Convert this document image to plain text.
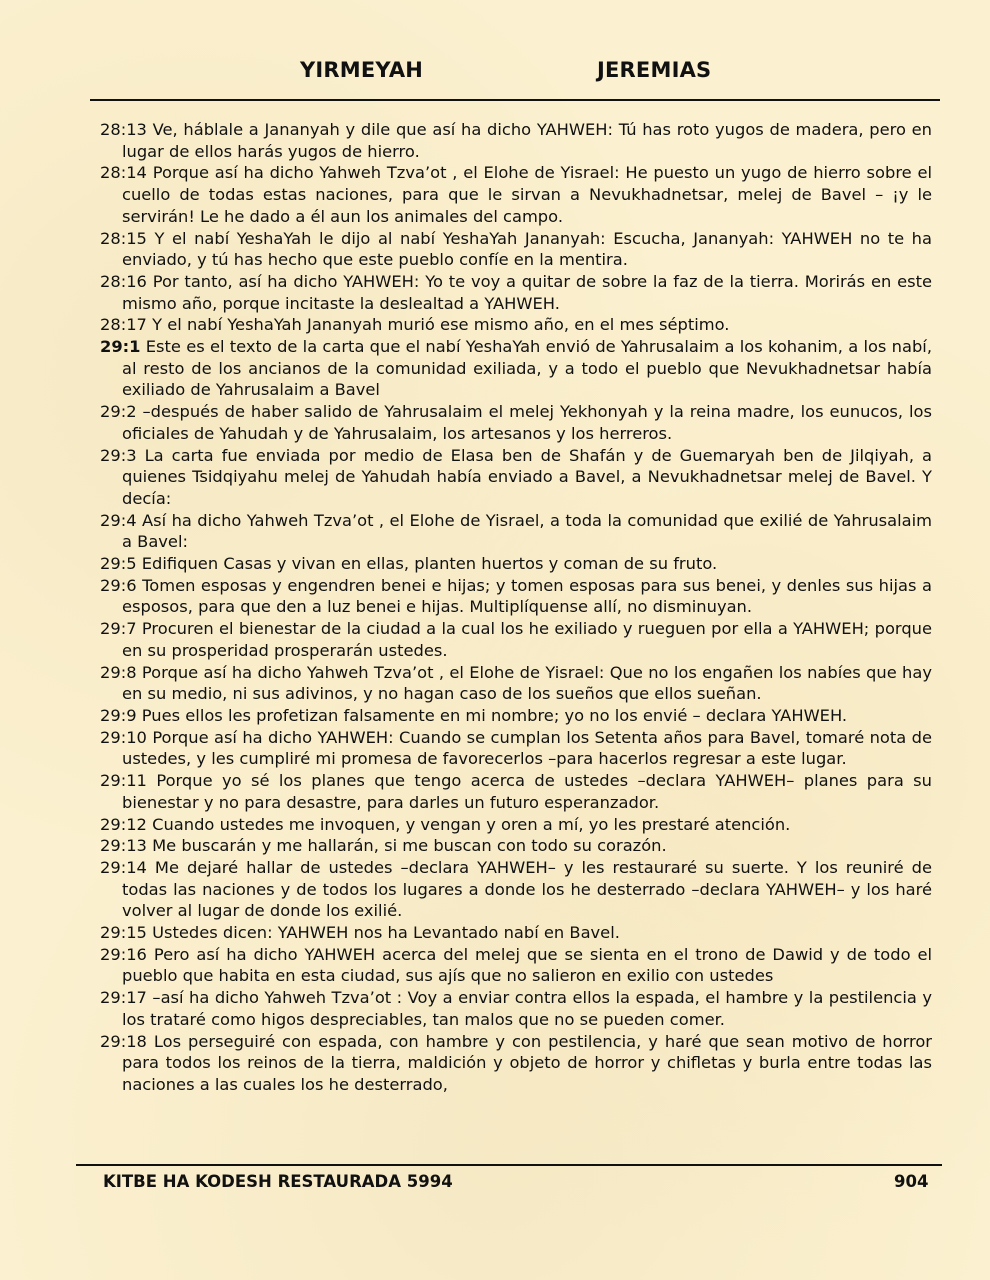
YIRMEYAH	JEREMIAS

28:13 Ve, háblale a Jananyah y dile que así ha dicho YAHWEH: Tú has roto yugos de madera, pero en lugar de ellos harás yugos de hierro.

28:14 Porque así ha dicho Yahweh Tzva’ot , el Elohe de Yisrael: He puesto un yugo de hierro sobre el cuello de todas estas naciones, para que le sirvan a Nevukhadnetsar, melej de Bavel – ¡y le servirán! Le he dado a él aun los animales del campo.

28:15 Y el nabí YeshaYah le dijo al nabí YeshaYah Jananyah: Escucha, Jananyah: YAHWEH no te ha enviado, y tú has hecho que este pueblo confíe en la mentira.

28:16 Por tanto, así ha dicho YAHWEH: Yo te voy a quitar de sobre la faz de la tierra. Morirás en este mismo año, porque incitaste la deslealtad a YAHWEH.

28:17 Y el nabí YeshaYah Jananyah murió ese mismo año, en el mes séptimo.

29:1 Este es el texto de la carta que el nabí YeshaYah envió de Yahrusalaim a los kohanim, a los nabí, al resto de los ancianos de la comunidad exiliada, y a todo el pueblo que Nevukhadnetsar había exiliado de Yahrusalaim a Bavel

29:2 –después de haber salido de Yahrusalaim el melej Yekhonyah y la reina madre, los eunucos, los oficiales de Yahudah y de Yahrusalaim, los artesanos y los herreros.

29:3 La carta fue enviada por medio de Elasa ben de Shafán y de Guemaryah ben de Jilqiyah, a quienes Tsidqiyahu melej de Yahudah había enviado a Bavel, a Nevukhadnetsar melej de Bavel. Y decía:

29:4 Así ha dicho Yahweh Tzva’ot , el Elohe de Yisrael, a toda la comunidad que exilié de Yahrusalaim a Bavel:

29:5 Edifiquen Casas y vivan en ellas, planten huertos y coman de su fruto.

29:6 Tomen esposas y engendren benei e hijas; y tomen esposas para sus benei, y denles sus hijas a esposos, para que den a luz benei e hijas. Multiplíquense allí, no disminuyan.

29:7 Procuren el bienestar de la ciudad a la cual los he exiliado y rueguen por ella a YAHWEH; porque en su prosperidad prosperarán ustedes.

29:8 Porque así ha dicho Yahweh Tzva’ot , el Elohe de Yisrael: Que no los engañen los nabíes que hay en su medio, ni sus adivinos, y no hagan caso de los sueños que ellos sueñan.

29:9 Pues ellos les profetizan falsamente en mi nombre; yo no los envié – declara YAHWEH.

29:10 Porque así ha dicho YAHWEH: Cuando se cumplan los Setenta años para Bavel, tomaré nota de ustedes, y les cumpliré mi promesa de favorecerlos –para hacerlos regresar a este lugar.

29:11 Porque yo sé los planes que tengo acerca de ustedes –declara YAHWEH– planes para su bienestar y no para desastre, para darles un futuro esperanzador.

29:12 Cuando ustedes me invoquen, y vengan y oren a mí, yo les prestaré atención.

29:13 Me buscarán y me hallarán, si me buscan con todo su corazón.

29:14 Me dejaré hallar de ustedes –declara YAHWEH– y les restauraré su suerte. Y los reuniré de todas las naciones y de todos los lugares a donde los he desterrado –declara YAHWEH– y los haré volver al lugar de donde los exilié.

29:15 Ustedes dicen: YAHWEH nos ha Levantado nabí en Bavel.

29:16 Pero así ha dicho YAHWEH acerca del melej que se sienta en el trono de Dawid y de todo el pueblo que habita en esta ciudad, sus ajís que no salieron en exilio con ustedes

29:17 –así ha dicho Yahweh Tzva’ot : Voy a enviar contra ellos la espada, el hambre y la pestilencia y los trataré como higos despreciables, tan malos que no se pueden comer.

29:18 Los perseguiré con espada, con hambre y con pestilencia, y haré que sean motivo de horror para todos los reinos de la tierra, maldición y objeto de horror y chifletas y burla entre todas las naciones a las cuales los he desterrado,

KITBE HA KODESH RESTAURADA 5994	904
